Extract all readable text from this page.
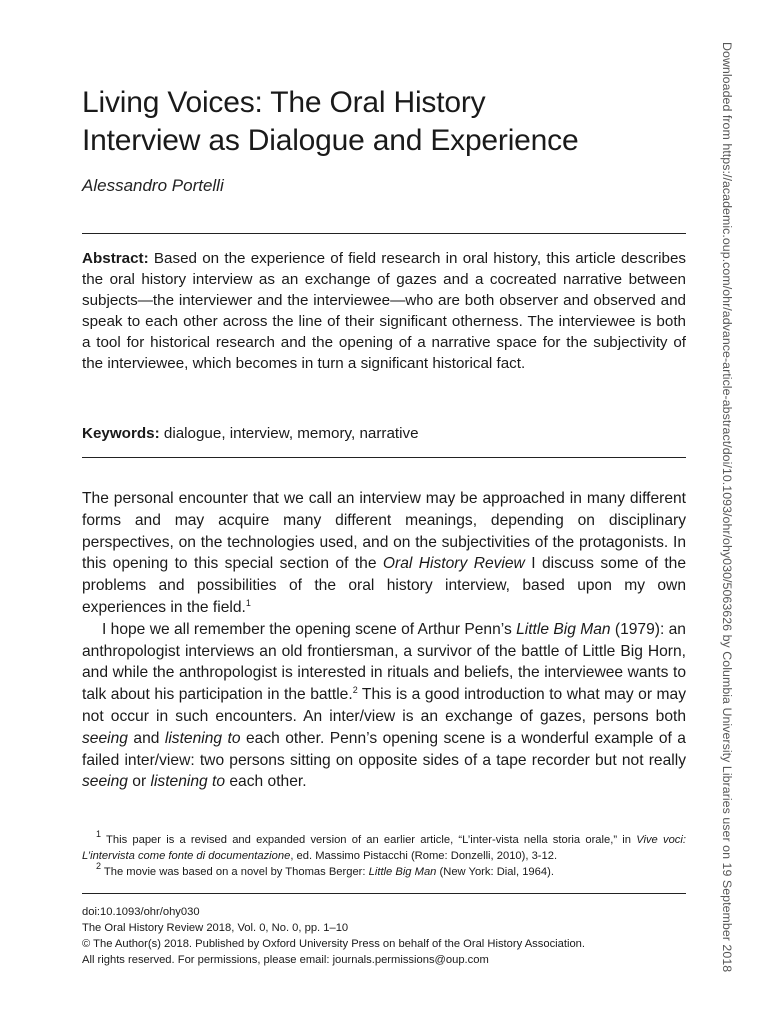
Living Voices: The Oral History
Interview as Dialogue and Experience
Alessandro Portelli
Abstract: Based on the experience of field research in oral history, this article describes the oral history interview as an exchange of gazes and a cocreated narrative between subjects—the interviewer and the interviewee—who are both observer and observed and speak to each other across the line of their significant otherness. The interviewee is both a tool for historical research and the opening of a narrative space for the subjectivity of the interviewee, which becomes in turn a significant historical fact.
Keywords: dialogue, interview, memory, narrative

The personal encounter that we call an interview may be approached in many different forms and may acquire many different meanings, depending on disciplinary perspectives, on the technologies used, and on the subjectivities of the protagonists. In this opening to this special section of the Oral History Review I discuss some of the problems and possibilities of the oral history interview, based upon my own experiences in the field.$^1$

I hope we all remember the opening scene of Arthur Penn’s Little Big Man (1979): an anthropologist interviews an old frontiersman, a survivor of the battle of Little Big Horn, and while the anthropologist is interested in rituals and beliefs, the interviewee wants to talk about his participation in the battle.$^2$ This is a good introduction to what may or may not occur in such encounters. An inter/view is an exchange of gazes, persons both seeing and listening to each other. Penn’s opening scene is a wonderful example of a failed inter/view: two persons sitting on opposite sides of a tape recorder but not really seeing or listening to each other.

$^1$ This paper is a revised and expanded version of an earlier article, “L’inter-vista nella storia orale,” in Vive voci: L’intervista come fonte di documentazione, ed. Massimo Pistacchi (Rome: Donzelli, 2010), 3-12.

$^2$ The movie was based on a novel by Thomas Berger: Little Big Man (New York: Dial, 1964).

doi:10.1093/ohr/ohy030
The Oral History Review 2018, Vol. 0, No. 0, pp. 1–10
© The Author(s) 2018. Published by Oxford University Press on behalf of the Oral History Association.
All rights reserved. For permissions, please email: journals.permissions@oup.com	Downloaded from https://academic.oup.com/ohr/advance-article-abstract/doi/10.1093/ohr/ohy030/5063626 by Columbia University Libraries user on 19 September 2018
